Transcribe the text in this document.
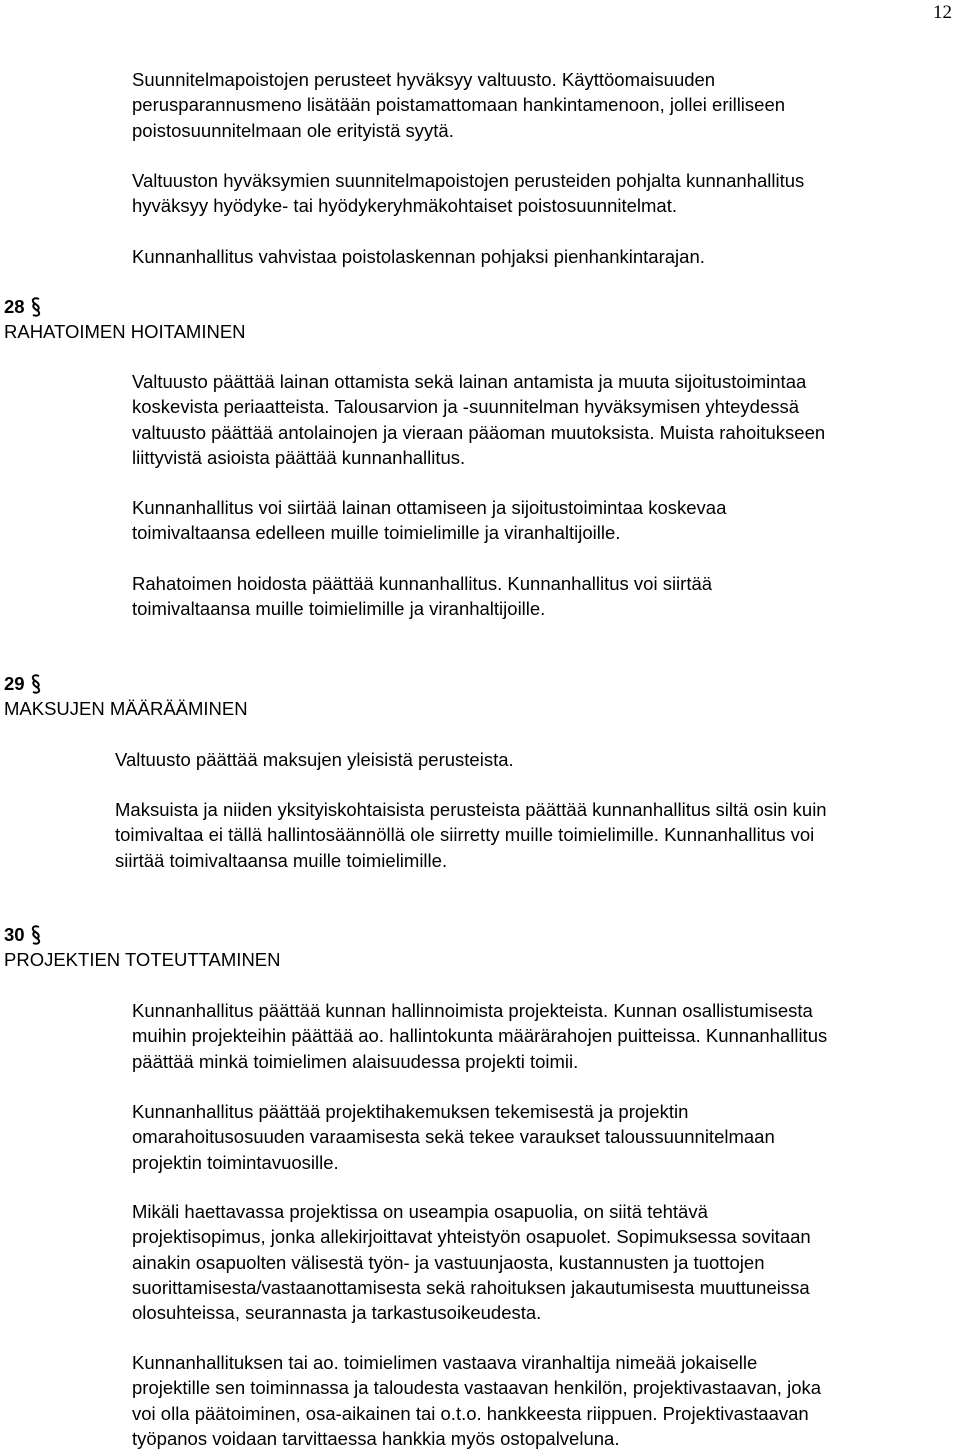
12

Suunnitelmapoistojen perusteet hyväksyy valtuusto. Käyttöomaisuuden
perusparannusmeno lisätään poistamattomaan hankintamenoon, jollei erilliseen
poistosuunnitelmaan ole erityistä syytä.

Valtuuston hyväksymien suunnitelmapoistojen perusteiden pohjalta kunnanhallitus
hyväksyy hyödyke- tai hyödykeryhmäkohtaiset poistosuunnitelmat.

Kunnanhallitus vahvistaa poistolaskennan pohjaksi pienhankintarajan.

28
RAHATOIMEN HOITAMINEN

Valtuusto päättää lainan ottamista sekä lainan antamista ja muuta sijoitustoimintaa
koskevista periaatteista. Talousarvion ja -suunnitelman hyväksymisen yhteydessä
valtuusto päättää antolainojen ja vieraan pääoman muutoksista. Muista rahoitukseen
liittyvistä asioista päättää kunnanhallitus.

Kunnanhallitus voi siirtää lainan ottamiseen ja sijoitustoimintaa koskevaa
toimivaltaansa edelleen muille toimielimille ja viranhaltijoille.

Rahatoimen hoidosta päättää kunnanhallitus. Kunnanhallitus voi siirtää
toimivaltaansa muille toimielimille ja viranhaltijoille.

29
MAKSUJEN MÄÄRÄÄMINEN

Valtuusto päättää maksujen yleisistä perusteista.

Maksuista ja niiden yksityiskohtaisista perusteista päättää kunnanhallitus siltä osin kuin
toimivaltaa ei tällä hallintosäännöllä ole siirretty muille toimielimille. Kunnanhallitus voi
siirtää toimivaltaansa muille toimielimille.

30
PROJEKTIEN TOTEUTTAMINEN

Kunnanhallitus päättää kunnan hallinnoimista projekteista. Kunnan osallistumisesta
muihin projekteihin päättää ao. hallintokunta määrärahojen puitteissa. Kunnanhallitus
päättää minkä toimielimen alaisuudessa projekti toimii.

Kunnanhallitus päättää projektihakemuksen tekemisestä ja projektin
omarahoitusosuuden varaamisesta sekä tekee varaukset taloussuunnitelmaan
projektin toimintavuosille.

Mikäli haettavassa projektissa on useampia osapuolia, on siitä tehtävä
projektisopimus, jonka allekirjoittavat yhteistyön osapuolet. Sopimuksessa sovitaan
ainakin osapuolten välisestä työn- ja vastuunjaosta, kustannusten ja tuottojen
suorittamisesta/vastaanottamisesta sekä rahoituksen jakautumisesta muuttuneissa
olosuhteissa, seurannasta ja tarkastusoikeudesta.

Kunnanhallituksen tai ao. toimielimen vastaava viranhaltija nimeää jokaiselle
projektille sen toiminnassa ja taloudesta vastaavan henkilön, projektivastaavan, joka
voi olla päätoiminen, osa-aikainen tai o.t.o. hankkeesta riippuen. Projektivastaavan
työpanos voidaan tarvittaessa hankkia myös ostopalveluna.
